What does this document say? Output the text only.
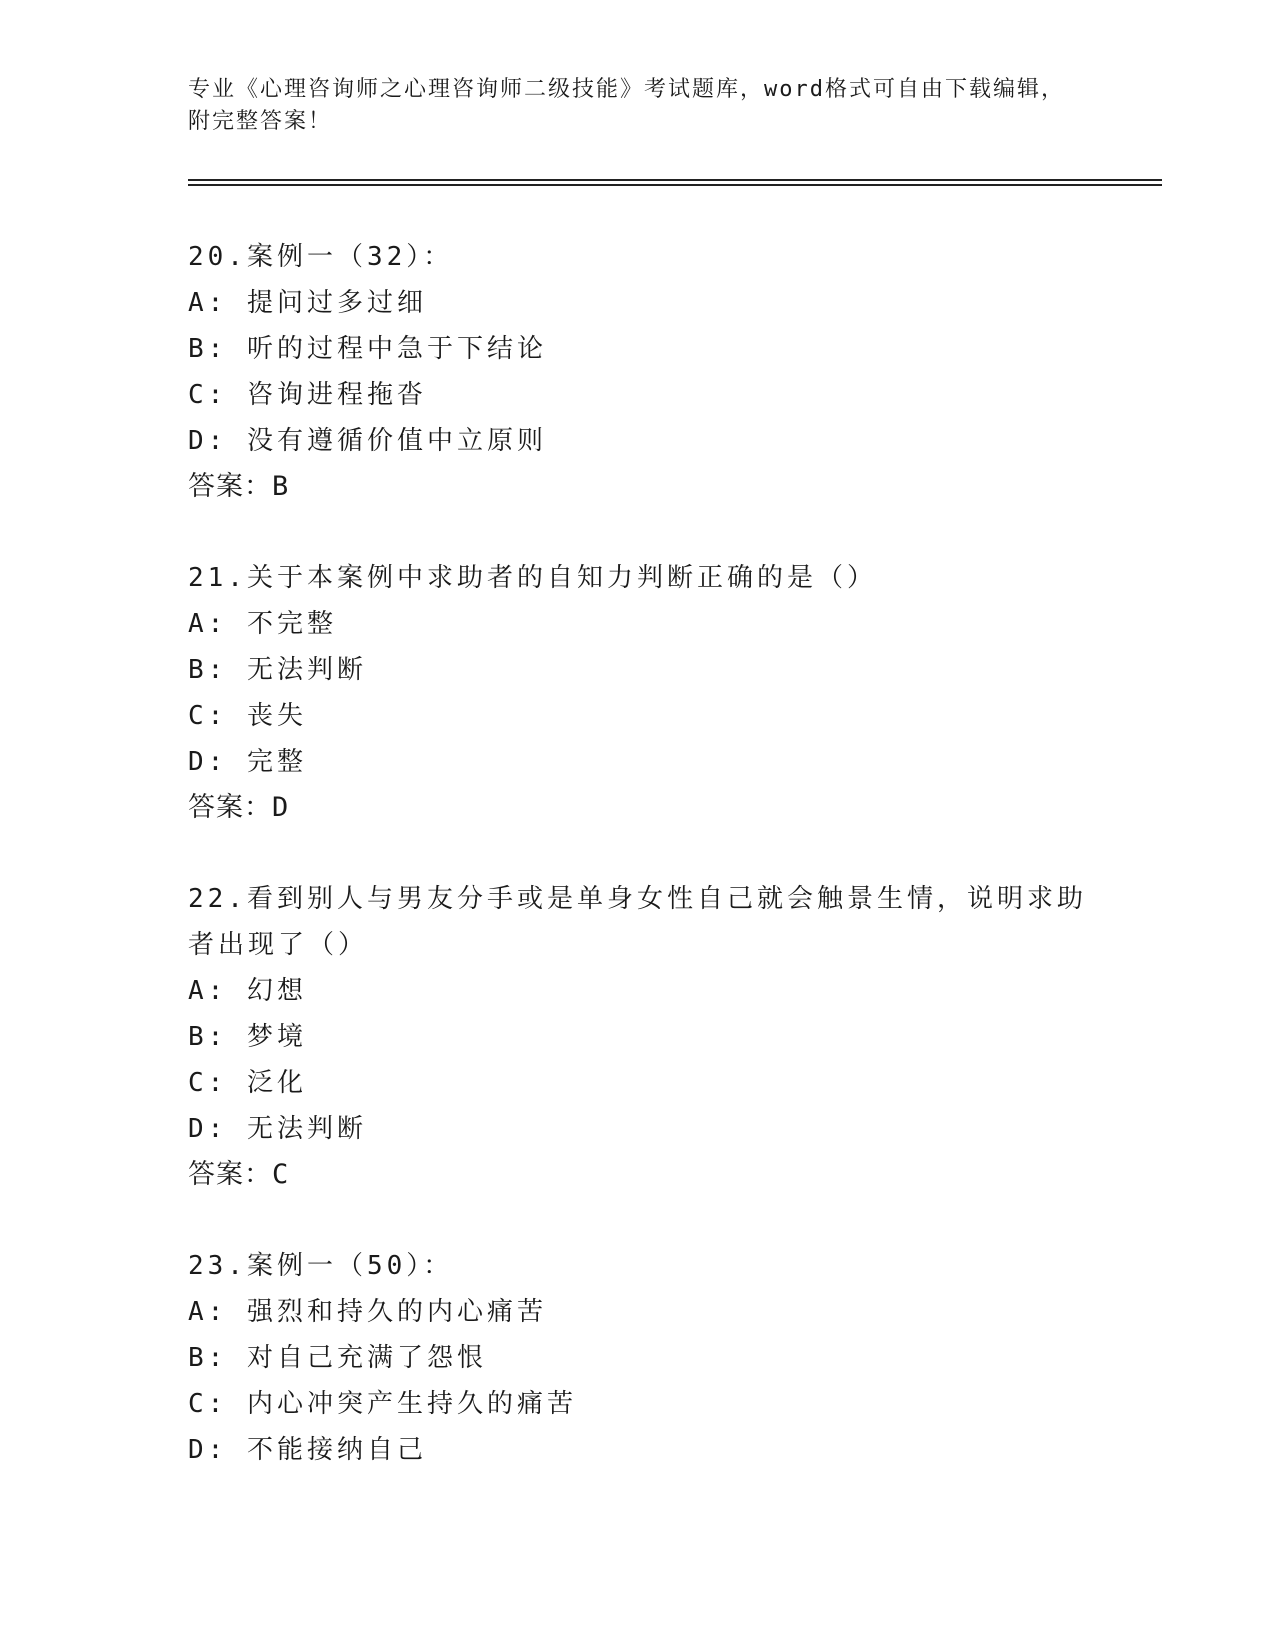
专业《心理咨询师之心理咨询师二级技能》考试题库，word格式可自由下载编辑，附完整答案！
20.案例一（32）：
A: 提问过多过细
B: 听的过程中急于下结论
C: 咨询进程拖沓
D: 没有遵循价值中立原则
答案：B
21.关于本案例中求助者的自知力判断正确的是（）
A: 不完整
B: 无法判断
C: 丧失
D: 完整
答案：D
22.看到别人与男友分手或是单身女性自己就会触景生情，说明求助者出现了（）
A: 幻想
B: 梦境
C: 泛化
D: 无法判断
答案：C
23.案例一（50）：
A: 强烈和持久的内心痛苦
B: 对自己充满了怨恨
C: 内心冲突产生持久的痛苦
D: 不能接纳自己
